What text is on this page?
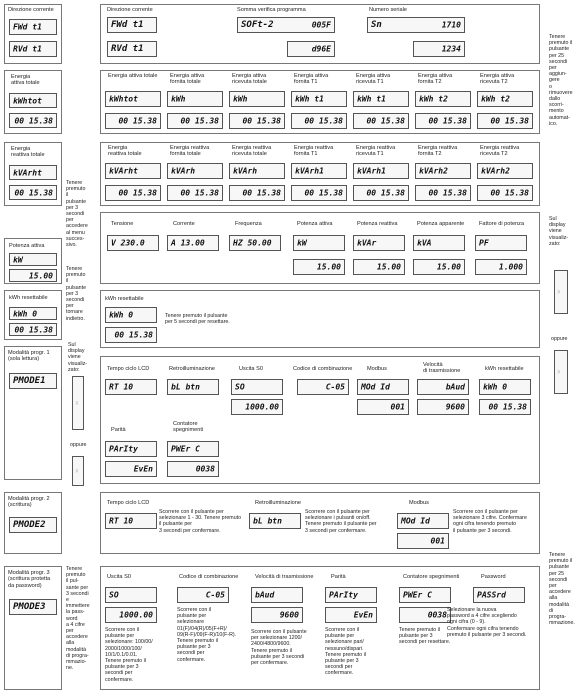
Direzione corrente
FWd t1
RVd t1
Energia
attiva totale
kWhtot
00 15.38
Energia
reattiva totale
kVArht
00 15.38
Potenza attiva
kW
15.00
kWh resettabile
kWh 0
00 15.38
Modalità progr. 1
(sola lettura)
PMODE1
Modalità progr. 2
(scrittura)
PMODE2
Modalità progr. 3
(scrittura protetta
da password)
PMODE3
Tenere
premuto
il
pulsante
per 3
secondi
per
accedere
al menu
succes-
sivo.
Tenere
premuto
il
pulsante
per 3
secondi
per
tornare
indietro.
Sul
display
viene
visualiz-
zato:
x
oppure
x
Tenere
premuto
il pul-
sante per
3 secondi
e
immettere
la pass-
word
a 4 cifre
per
accedere
alla
modalità
di progra-
mmazio-
ne.
Direzione corrente
FWd t1
RVd t1
Somma verifica programma
SOFt-2	005F
d96E
Numero seriale
Sn	1710
1234
Energia attiva totale
kWhtot
00 15.38
Energia attiva
fornita totale
kWh
00 15.38
Energia attiva
ricevuta totale
kWh
00 15.38
Energia attiva
fornita T1
kWh t1
00 15.38
Energia attiva
ricevuta T1
kWh t1
00 15.38
Energia attiva
fornita T2
kWh t2
00 15.38
Energia attiva
ricevuta T2
kWh t2
00 15.38
Energia
reattiva totale
kVArht
00 15.38
Energia reattiva
fornita totale
kVArh
00 15.38
Energia reattiva
ricevuta totale
kVArh
00 15.38
Energia reattiva
fornita T1
kVArh1
00 15.38
Energia reattiva
ricevuta T1
kVArh1
00 15.38
Energia reattiva
fornita T2
kVArh2
00 15.38
Energia reattiva
ricevuta T2
kVArh2
00 15.38
Tensione
V 230.0
Corrente
A 13.00
Frequenza
HZ 50.00
Potenza attiva
kW
15.00
Potenza reattiva
kVAr
15.00
Potenza apparente
kVA
15.00
Fattore di potenza
PF
1.000
kWh resettabile
kWh 0
00 15.38
Tenere premuto il pulsante
per 5 secondi per resettare.
Tempo ciclo LCD
RT 10
Retroilluminazione
bL btn
Uscita S0
SO
1000.00
Codice di combinazione
C-05
Modbus
MOd Id
001
Velocità
di trasmissione
bAud
9600
kWh resettabile
kWh 0
00 15.38
Parità
PArIty
EvEn
Contatore
spegnimenti
PWEr C
0038
Tempo ciclo LCD
RT 10
Scorrere con il pulsante per
selezionare 1 - 30. Tenere premuto
il pulsante per
3 secondi per confermare.
Retroilluminazione
bL btn
Scorrere con il pulsante per
selezionare i pulsanti on/off.
Tenere premuto il pulsante per
3 secondi per confermare.
Modbus
MOd Id
001
Scorrere con il pulsante per
selezionare 3 cifre. Confermare
ogni cifra tenendo premuto
il pulsante per 3 secondi.
Uscita S0
SO
1000.00
Scorrere con il
pulsante per
selezionare: 100/00/
2000/1000/100/
10/1/0.1/0.01.
Tenere premuto il
pulsante per 3
secondi per
confermare.
Codice di combinazione
C-05
Scorrere con il
pulsante per
selezionare
01(F)/04(R)/05(F+R)/
09(R-F)/09(F-R)/10(F-R).
Tenere premuto il
pulsante per 3
secondi per
confermare.
Velocità di trasmissione
bAud
9600
Scorrere con il pulsante
per selezionare 1200/
2400/4800/9600.
Tenere premuto il
pulsante per 3 secondi
per confermare.
Parità
PArIty
EvEn
Scorrere con il
pulsante per
selezionare pari/
nessuno/dispari.
Tenere premuto il
pulsante per 3
secondi per
confermare.
Contatore spegnimenti
PWEr C
0038
Tenere premuto il
pulsante per 3
secondi per resettare.
Password
PASSrd
Selezionare la nuova
password a 4 cifre scegliendo
ogni cifra (0 - 9).
Confermare ogni cifra tenendo
premuto il pulsante per 3 secondi.
Tenere
premuto il
pulsante
per 25
secondi
per
aggiun-
gere
o
rimuovere
dallo
scorri-
mento
automat-
ico.
Sul
display
viene
visualiz-
zato:
x
oppure
x
Tenere
premuto il
pulsante
per 25
secondi
per
accedere
alla
modalità
di
progra-
mmazione.
